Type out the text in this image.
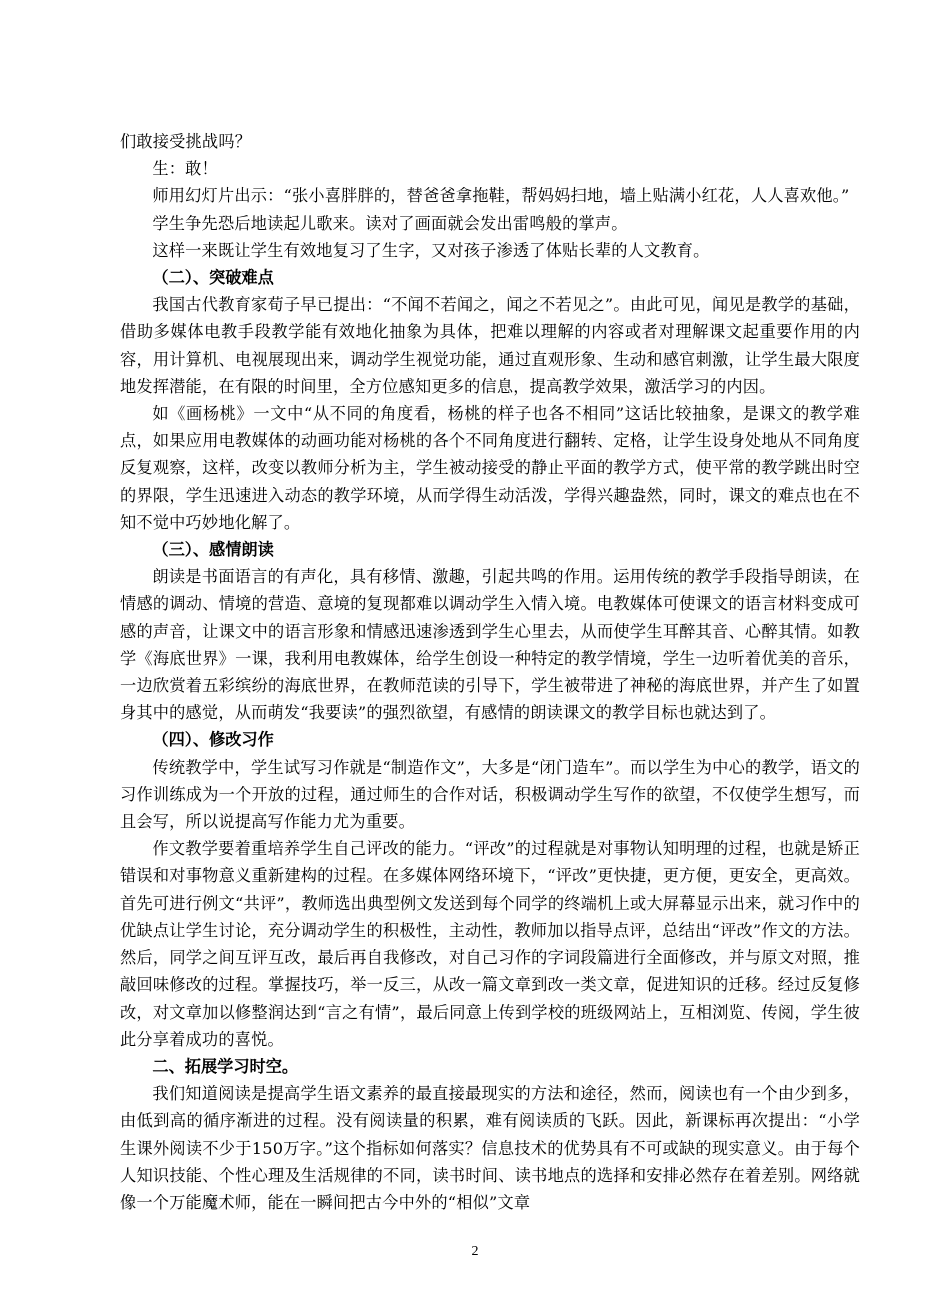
们敢接受挑战吗？

生：敢！

师用幻灯片出示：“张小喜胖胖的，替爸爸拿拖鞋，帮妈妈扫地，墙上贴满小红花，人人喜欢他。”

学生争先恐后地读起儿歌来。读对了画面就会发出雷鸣般的掌声。

这样一来既让学生有效地复习了生字，又对孩子渗透了体贴长辈的人文教育。

（二）、突破难点

我国古代教育家荀子早已提出：“不闻不若闻之，闻之不若见之”。由此可见，闻见是教学的基础，借助多媒体电教手段教学能有效地化抽象为具体，把难以理解的内容或者对理解课文起重要作用的内容，用计算机、电视展现出来，调动学生视觉功能，通过直观形象、生动和感官刺激，让学生最大限度地发挥潜能，在有限的时间里，全方位感知更多的信息，提高教学效果，激活学习的内因。

如《画杨桃》一文中“从不同的角度看，杨桃的样子也各不相同”这话比较抽象，是课文的教学难点，如果应用电教媒体的动画功能对杨桃的各个不同角度进行翻转、定格，让学生设身处地从不同角度反复观察，这样，改变以教师分析为主，学生被动接受的静止平面的教学方式，使平常的教学跳出时空的界限，学生迅速进入动态的教学环境，从而学得生动活泼，学得兴趣盎然，同时，课文的难点也在不知不觉中巧妙地化解了。

（三）、感情朗读

朗读是书面语言的有声化，具有移情、激趣，引起共鸣的作用。运用传统的教学手段指导朗读，在情感的调动、情境的营造、意境的复现都难以调动学生入情入境。电教媒体可使课文的语言材料变成可感的声音，让课文中的语言形象和情感迅速渗透到学生心里去，从而使学生耳醉其音、心醉其情。如教学《海底世界》一课，我利用电教媒体，给学生创设一种特定的教学情境，学生一边听着优美的音乐，一边欣赏着五彩缤纷的海底世界，在教师范读的引导下，学生被带进了神秘的海底世界，并产生了如置身其中的感觉，从而萌发“我要读”的强烈欲望，有感情的朗读课文的教学目标也就达到了。

（四）、修改习作

传统教学中，学生试写习作就是“制造作文”，大多是“闭门造车”。而以学生为中心的教学，语文的习作训练成为一个开放的过程，通过师生的合作对话，积极调动学生写作的欲望，不仅使学生想写，而且会写，所以说提高写作能力尤为重要。

作文教学要着重培养学生自己评改的能力。“评改”的过程就是对事物认知明理的过程，也就是矫正错误和对事物意义重新建构的过程。在多媒体网络环境下，“评改”更快捷，更方便，更安全，更高效。首先可进行例文“共评”，教师选出典型例文发送到每个同学的终端机上或大屏幕显示出来，就习作中的优缺点让学生讨论，充分调动学生的积极性，主动性，教师加以指导点评，总结出“评改”作文的方法。然后，同学之间互评互改，最后再自我修改，对自己习作的字词段篇进行全面修改，并与原文对照，推敲回味修改的过程。掌握技巧，举一反三，从改一篇文章到改一类文章，促进知识的迁移。经过反复修改，对文章加以修整润达到“言之有情”，最后同意上传到学校的班级网站上，互相浏览、传阅，学生彼此分享着成功的喜悦。

二、拓展学习时空。

我们知道阅读是提高学生语文素养的最直接最现实的方法和途径，然而，阅读也有一个由少到多，由低到高的循序渐进的过程。没有阅读量的积累，难有阅读质的飞跃。因此，新课标再次提出：“小学生课外阅读不少于150万字。”这个指标如何落实？信息技术的优势具有不可或缺的现实意义。由于每个人知识技能、个性心理及生活规律的不同，读书时间、读书地点的选择和安排必然存在着差别。网络就像一个万能魔术师，能在一瞬间把古今中外的“相似”文章

2
